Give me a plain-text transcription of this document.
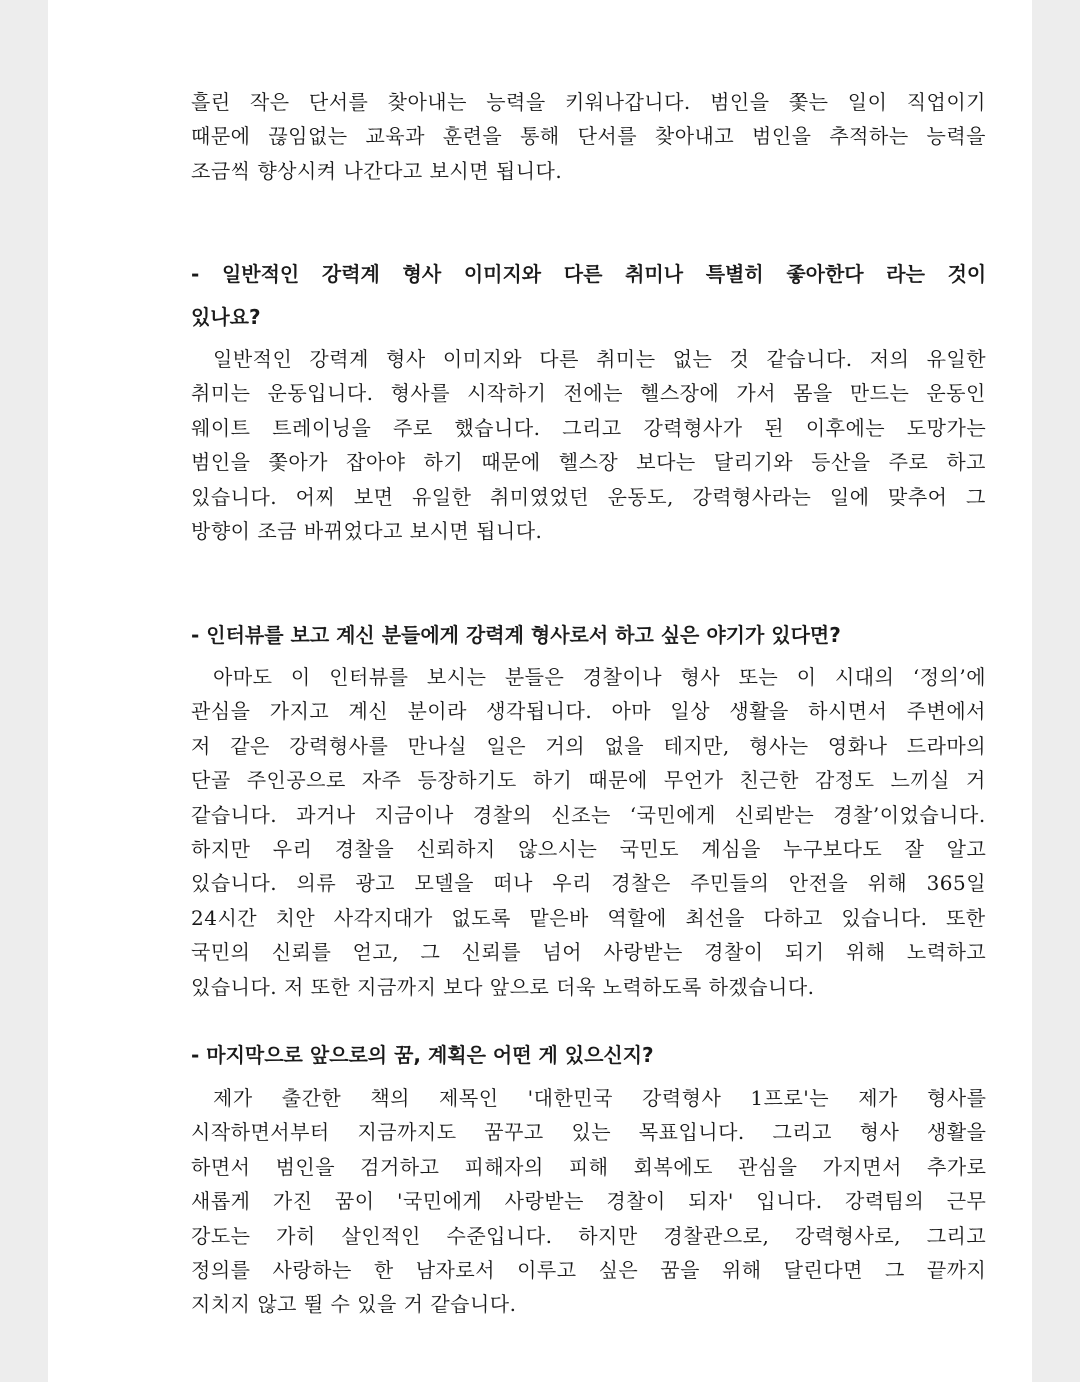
흘린 작은 단서를 찾아내는 능력을 키워나갑니다. 범인을 쫓는 일이 직업이기
때문에 끊임없는 교육과 훈련을 통해 단서를 찾아내고 범인을 추적하는 능력을
조금씩 향상시켜 나간다고 보시면 됩니다.
- 일반적인 강력계 형사 이미지와 다른 취미나 특별히 좋아한다 라는 것이
있나요?
일반적인 강력계 형사 이미지와 다른 취미는 없는 것 같습니다. 저의 유일한
취미는 운동입니다. 형사를 시작하기 전에는 헬스장에 가서 몸을 만드는 운동인
웨이트 트레이닝을 주로 했습니다. 그리고 강력형사가 된 이후에는 도망가는
범인을 쫓아가 잡아야 하기 때문에 헬스장 보다는 달리기와 등산을 주로 하고
있습니다. 어찌 보면 유일한 취미였었던 운동도, 강력형사라는 일에 맞추어 그
방향이 조금 바뀌었다고 보시면 됩니다.
- 인터뷰를 보고 계신 분들에게 강력계 형사로서 하고 싶은 야기가 있다면?
아마도 이 인터뷰를 보시는 분들은 경찰이나 형사 또는 이 시대의 ‘정의’에
관심을 가지고 계신 분이라 생각됩니다. 아마 일상 생활을 하시면서 주변에서
저 같은 강력형사를 만나실 일은 거의 없을 테지만, 형사는 영화나 드라마의
단골 주인공으로 자주 등장하기도 하기 때문에 무언가 친근한 감정도 느끼실 거
같습니다. 과거나 지금이나 경찰의 신조는 ‘국민에게 신뢰받는 경찰’이었습니다.
하지만 우리 경찰을 신뢰하지 않으시는 국민도 계심을 누구보다도 잘 알고
있습니다. 의류 광고 모델을 떠나 우리 경찰은 주민들의 안전을 위해 365일
24시간 치안 사각지대가 없도록 맡은바 역할에 최선을 다하고 있습니다. 또한
국민의 신뢰를 얻고, 그 신뢰를 넘어 사랑받는 경찰이 되기 위해 노력하고
있습니다. 저 또한 지금까지 보다 앞으로 더욱 노력하도록 하겠습니다.
- 마지막으로 앞으로의 꿈, 계획은 어떤 게 있으신지?
제가 출간한 책의 제목인 '대한민국 강력형사 1프로'는 제가 형사를
시작하면서부터 지금까지도 꿈꾸고 있는 목표입니다. 그리고 형사 생활을
하면서 범인을 검거하고 피해자의 피해 회복에도 관심을 가지면서 추가로
새롭게 가진 꿈이 '국민에게 사랑받는 경찰이 되자' 입니다. 강력팀의 근무
강도는 가히 살인적인 수준입니다. 하지만 경찰관으로, 강력형사로, 그리고
정의를 사랑하는 한 남자로서 이루고 싶은 꿈을 위해 달린다면 그 끝까지
지치지 않고 뛸 수 있을 거 같습니다.
